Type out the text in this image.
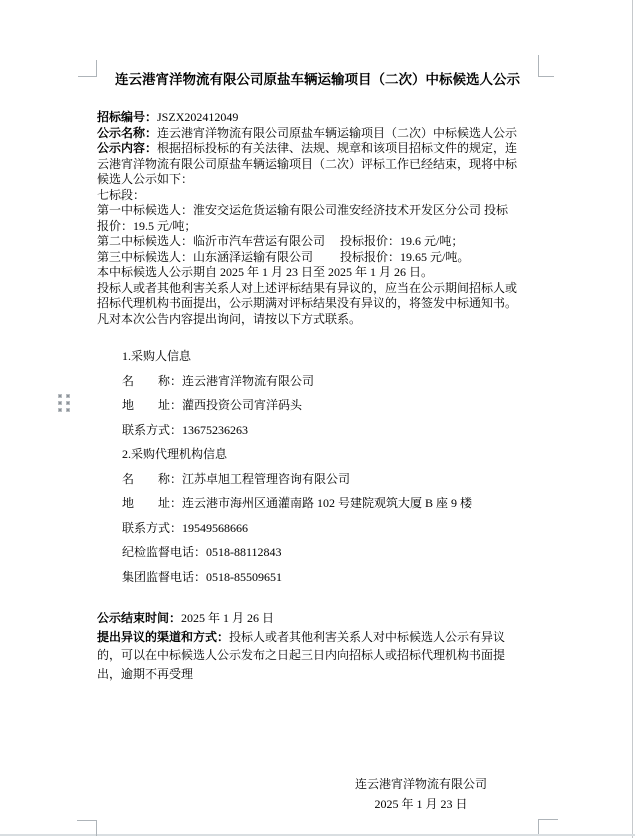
连云港宵洋物流有限公司原盐车辆运输项目（二次）中标候选人公示
招标编号：JSZX202412049
公示名称：连云港宵洋物流有限公司原盐车辆运输项目（二次）中标候选人公示
公示内容：根据招标投标的有关法律、法规、规章和该项目招标文件的规定，连
云港宵洋物流有限公司原盐车辆运输项目（二次）评标工作已经结束，现将中标
候选人公示如下：
七标段：
第一中标候选人：淮安交运危货运输有限公司淮安经济技术开发区分公司 投标
报价：19.5 元/吨；
第二中标候选人：临沂市汽车营运有限公司　 投标报价：19.6 元/吨；
第三中标候选人：山东涵泽运输有限公司　　 投标报价：19.65 元/吨。
本中标候选人公示期自 2025 年 1 月 23 日至 2025 年 1 月 26 日。
投标人或者其他利害关系人对上述评标结果有异议的，应当在公示期间招标人或
招标代理机构书面提出，公示期满对评标结果没有异议的，将签发中标通知书。
凡对本次公告内容提出询问，请按以下方式联系。
1.采购人信息
名　　称：连云港宵洋物流有限公司
地　　址：灌西投资公司宵洋码头
联系方式：13675236263
2.采购代理机构信息
名　　称：江苏卓旭工程管理咨询有限公司
地　　址：连云港市海州区通灌南路 102 号建院观筑大厦 B 座 9 楼
联系方式：19549568666
纪检监督电话：0518-88112843
集团监督电话：0518-85509651
公示结束时间：2025 年 1 月 26 日
提出异议的渠道和方式：投标人或者其他利害关系人对中标候选人公示有异议
的，可以在中标候选人公示发布之日起三日内向招标人或招标代理机构书面提
出，逾期不再受理
连云港宵洋物流有限公司
2025 年 1 月 23 日
